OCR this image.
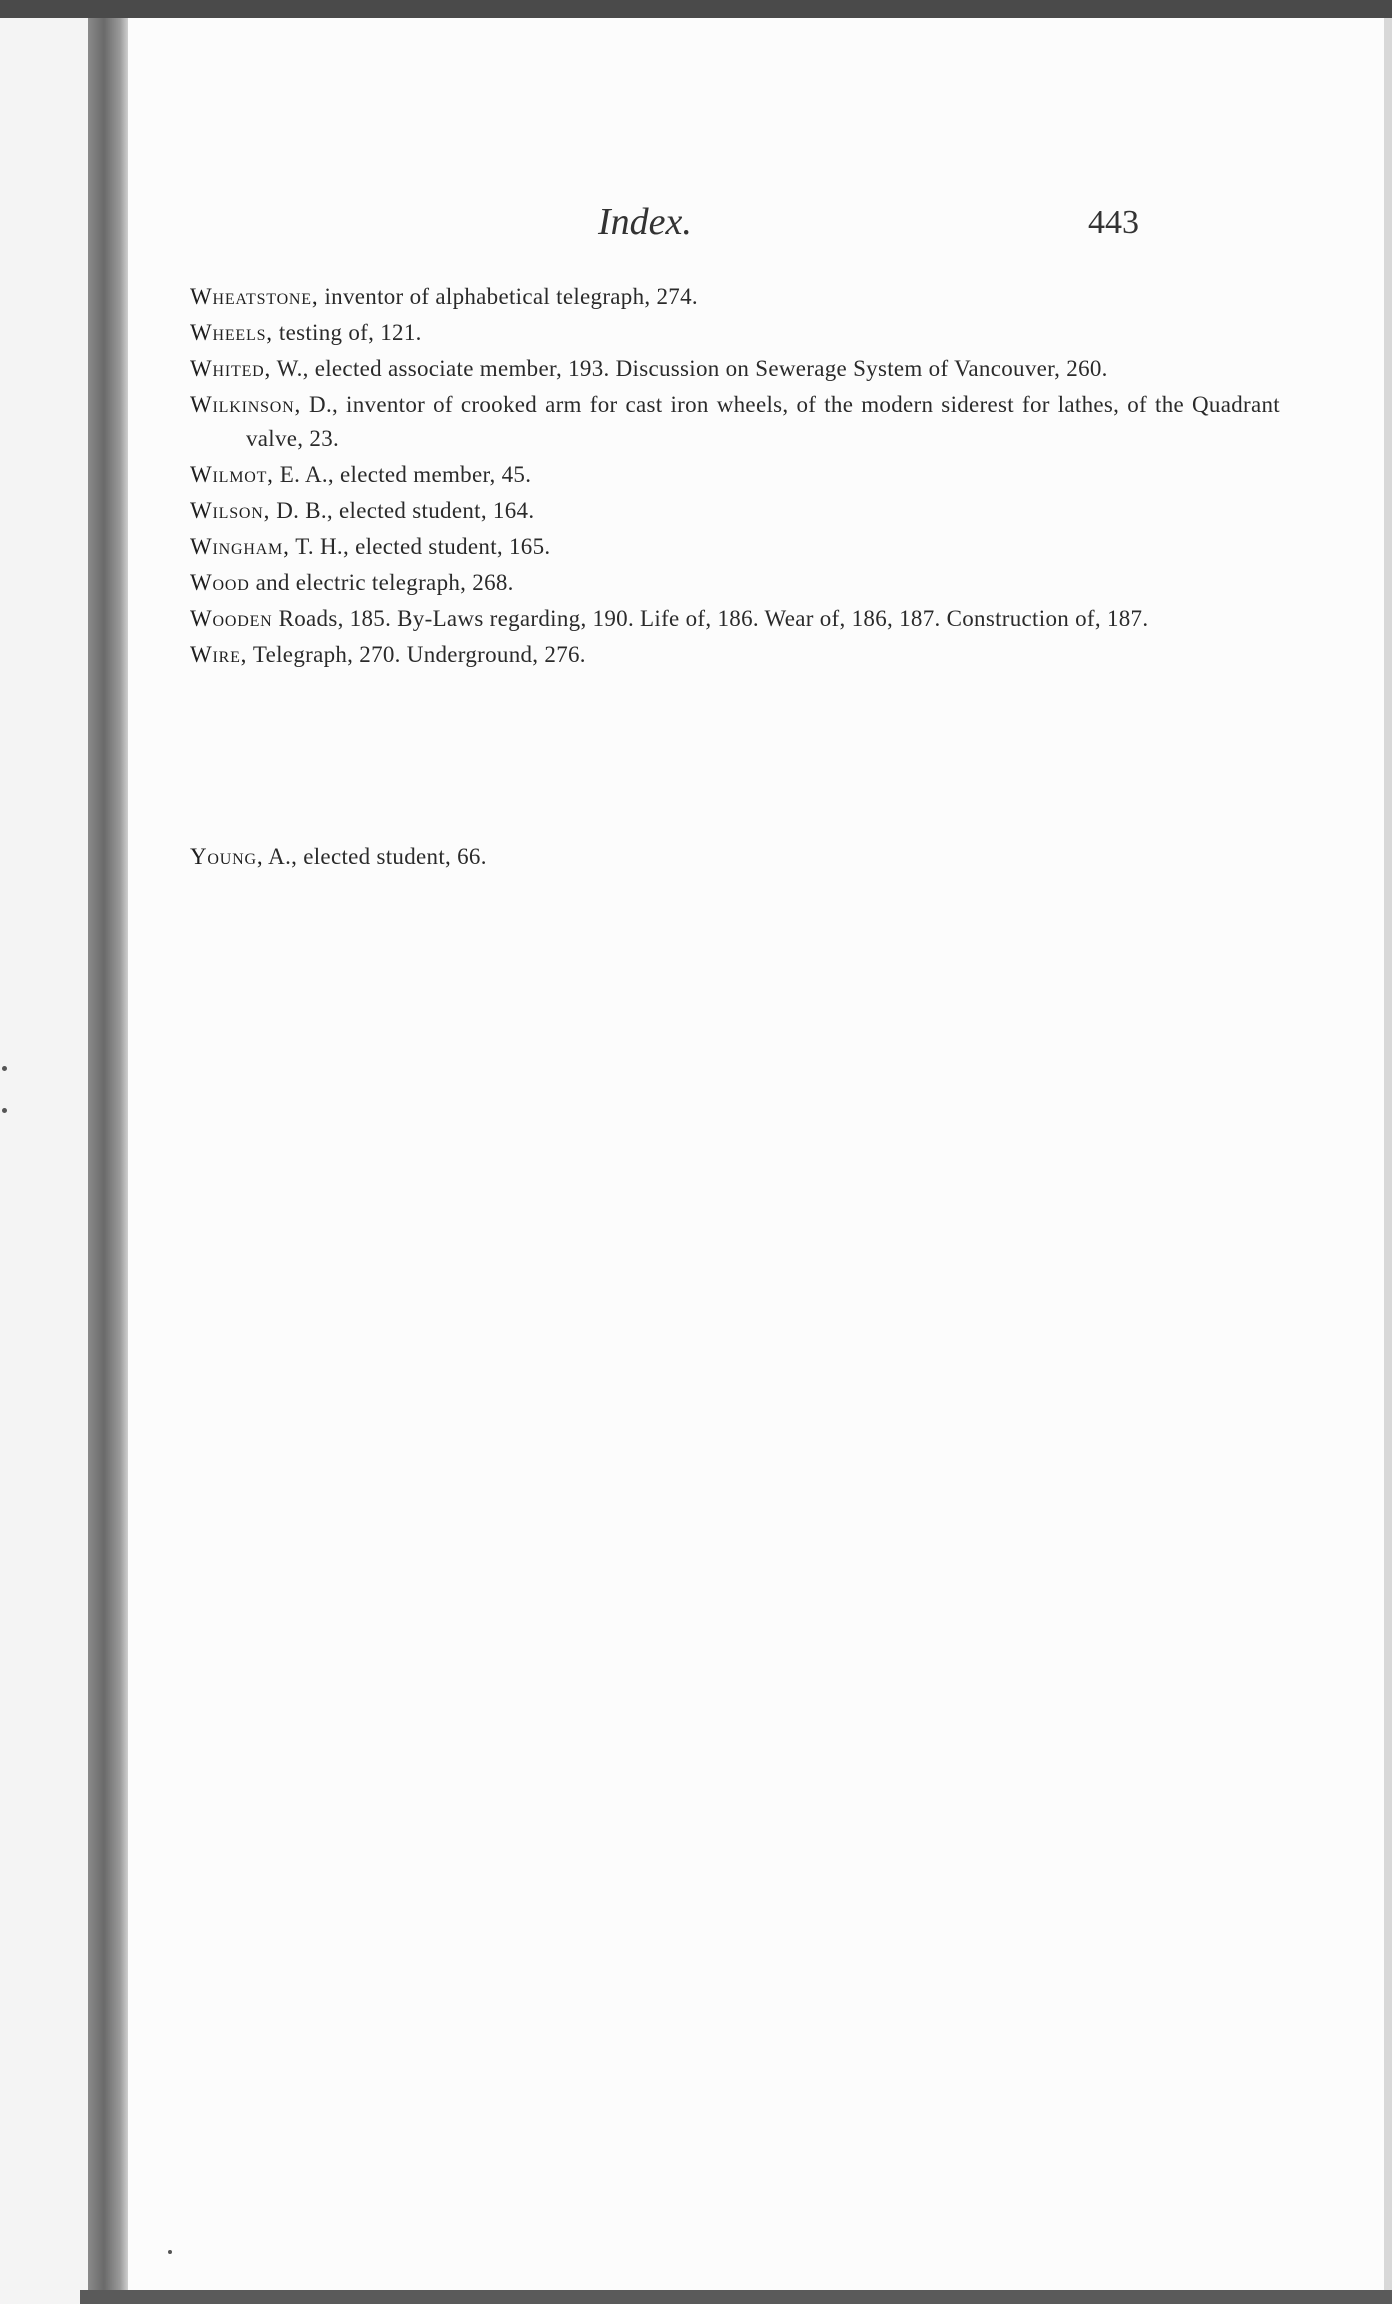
Index.	443
Wheatstone, inventor of alphabetical telegraph, 274.
Wheels, testing of, 121.
Whited, W., elected associate member, 193. Discussion on Sewerage System of Vancouver, 260.
Wilkinson, D., inventor of crooked arm for cast iron wheels, of the modern siderest for lathes, of the Quadrant valve, 23.
Wilmot, E. A., elected member, 45.
Wilson, D. B., elected student, 164.
Wingham, T. H., elected student, 165.
Wood and electric telegraph, 268.
Wooden Roads, 185. By-Laws regarding, 190. Life of, 186. Wear of, 186, 187. Construction of, 187.
Wire, Telegraph, 270. Underground, 276.
Young, A., elected student, 66.
